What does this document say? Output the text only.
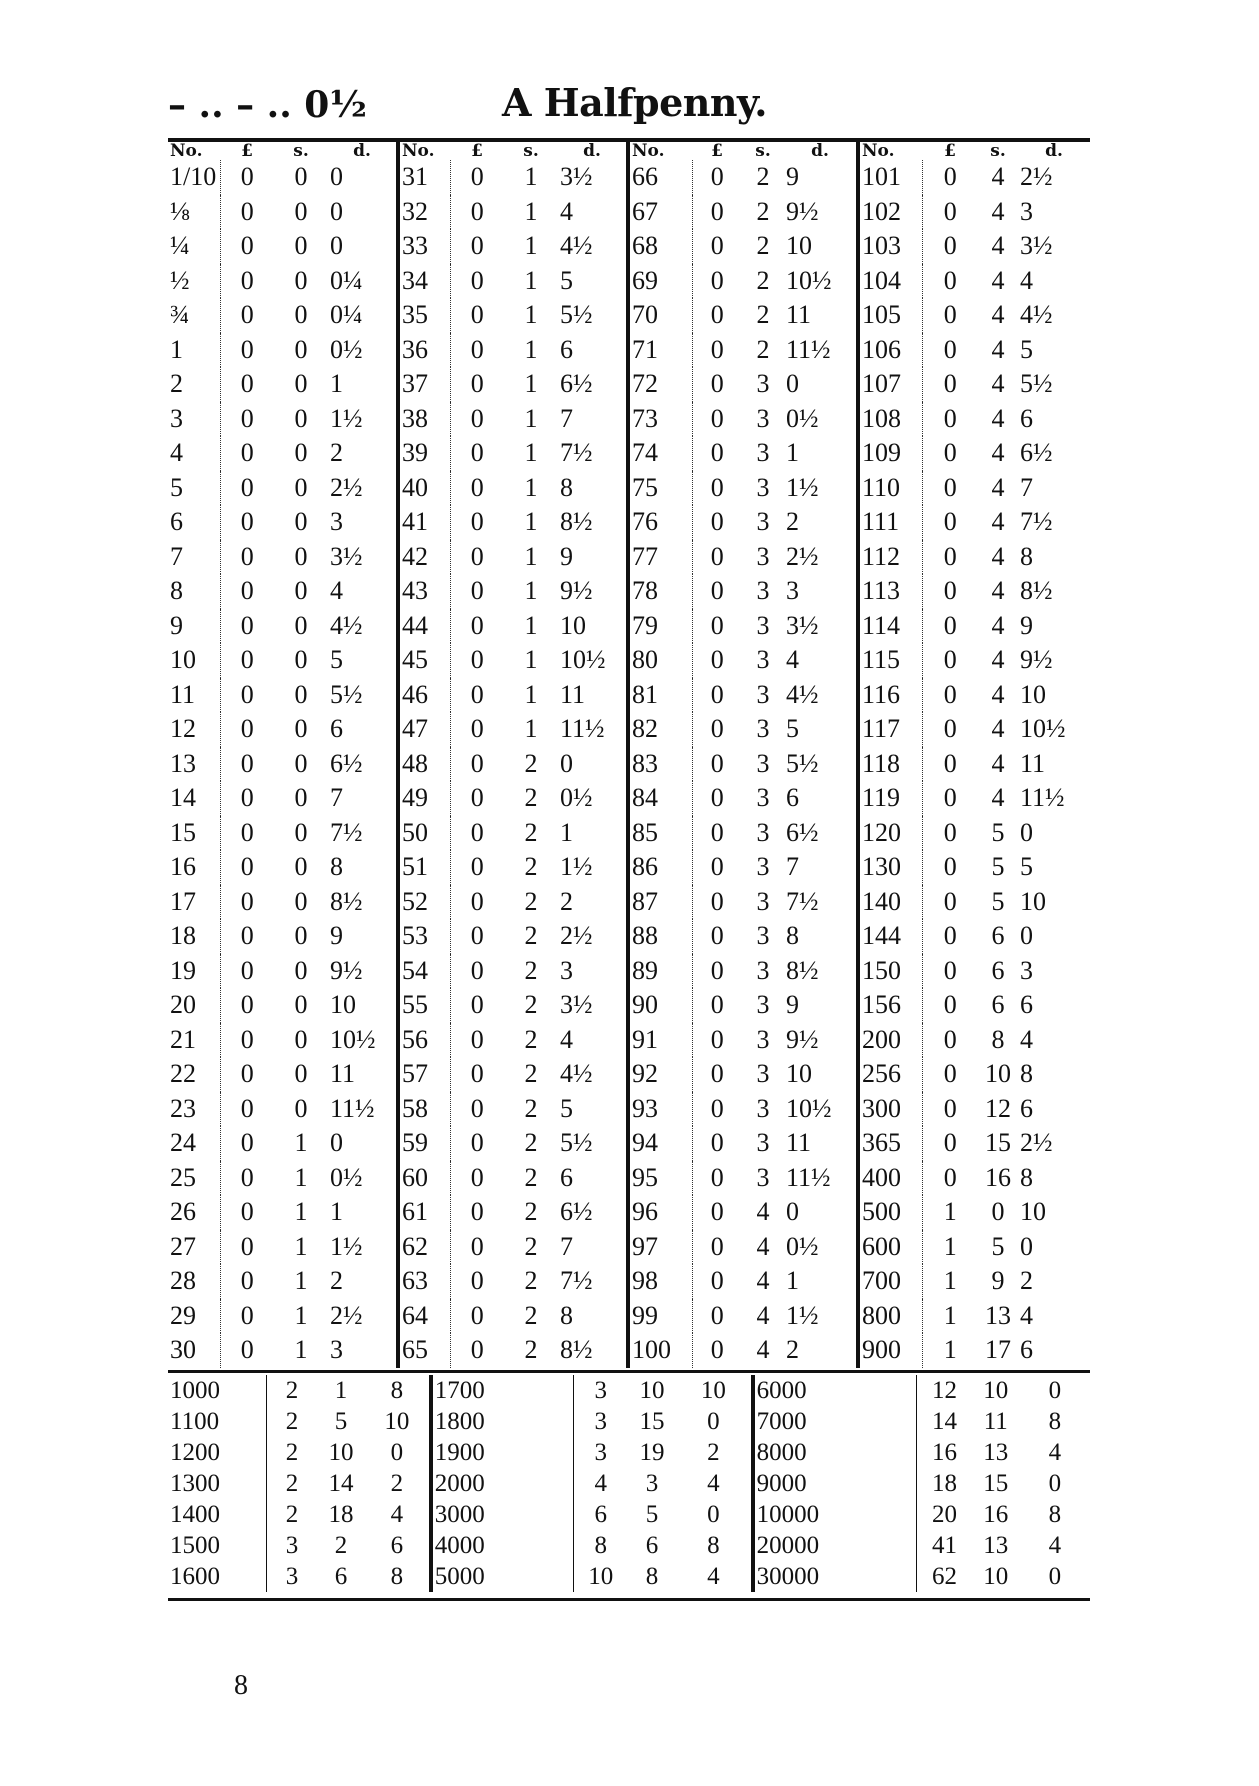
– .. – .. 0½	A Halfpenny.
No.	£	s.	d.	No.	£	s.	d.	No.	£	s.	d.	No.	£	s.	d.
1/10	0	0	0	31	0	1	3½	66	0	2	9	101	0	4	2½
⅛	0	0	0	32	0	1	4	67	0	2	9½	102	0	4	3
¼	0	0	0	33	0	1	4½	68	0	2	10	103	0	4	3½
½	0	0	0¼	34	0	1	5	69	0	2	10½	104	0	4	4
¾	0	0	0¼	35	0	1	5½	70	0	2	11	105	0	4	4½
1	0	0	0½	36	0	1	6	71	0	2	11½	106	0	4	5
2	0	0	1	37	0	1	6½	72	0	3	0	107	0	4	5½
3	0	0	1½	38	0	1	7	73	0	3	0½	108	0	4	6
4	0	0	2	39	0	1	7½	74	0	3	1	109	0	4	6½
5	0	0	2½	40	0	1	8	75	0	3	1½	110	0	4	7
6	0	0	3	41	0	1	8½	76	0	3	2	111	0	4	7½
7	0	0	3½	42	0	1	9	77	0	3	2½	112	0	4	8
8	0	0	4	43	0	1	9½	78	0	3	3	113	0	4	8½
9	0	0	4½	44	0	1	10	79	0	3	3½	114	0	4	9
10	0	0	5	45	0	1	10½	80	0	3	4	115	0	4	9½
11	0	0	5½	46	0	1	11	81	0	3	4½	116	0	4	10
12	0	0	6	47	0	1	11½	82	0	3	5	117	0	4	10½
13	0	0	6½	48	0	2	0	83	0	3	5½	118	0	4	11
14	0	0	7	49	0	2	0½	84	0	3	6	119	0	4	11½
15	0	0	7½	50	0	2	1	85	0	3	6½	120	0	5	0
16	0	0	8	51	0	2	1½	86	0	3	7	130	0	5	5
17	0	0	8½	52	0	2	2	87	0	3	7½	140	0	5	10
18	0	0	9	53	0	2	2½	88	0	3	8	144	0	6	0
19	0	0	9½	54	0	2	3	89	0	3	8½	150	0	6	3
20	0	0	10	55	0	2	3½	90	0	3	9	156	0	6	6
21	0	0	10½	56	0	2	4	91	0	3	9½	200	0	8	4
22	0	0	11	57	0	2	4½	92	0	3	10	256	0	10	8
23	0	0	11½	58	0	2	5	93	0	3	10½	300	0	12	6
24	0	1	0	59	0	2	5½	94	0	3	11	365	0	15	2½
25	0	1	0½	60	0	2	6	95	0	3	11½	400	0	16	8
26	0	1	1	61	0	2	6½	96	0	4	0	500	1	0	10
27	0	1	1½	62	0	2	7	97	0	4	0½	600	1	5	0
28	0	1	2	63	0	2	7½	98	0	4	1	700	1	9	2
29	0	1	2½	64	0	2	8	99	0	4	1½	800	1	13	4
30	0	1	3	65	0	2	8½	100	0	4	2	900	1	17	6
1000	2	1	8	1700	3	10	10	6000	12	10	0
1100	2	5	10	1800	3	15	0	7000	14	11	8
1200	2	10	0	1900	3	19	2	8000	16	13	4
1300	2	14	2	2000	4	3	4	9000	18	15	0
1400	2	18	4	3000	6	5	0	10000	20	16	8
1500	3	2	6	4000	8	6	8	20000	41	13	4
1600	3	6	8	5000	10	8	4	30000	62	10	0
8
